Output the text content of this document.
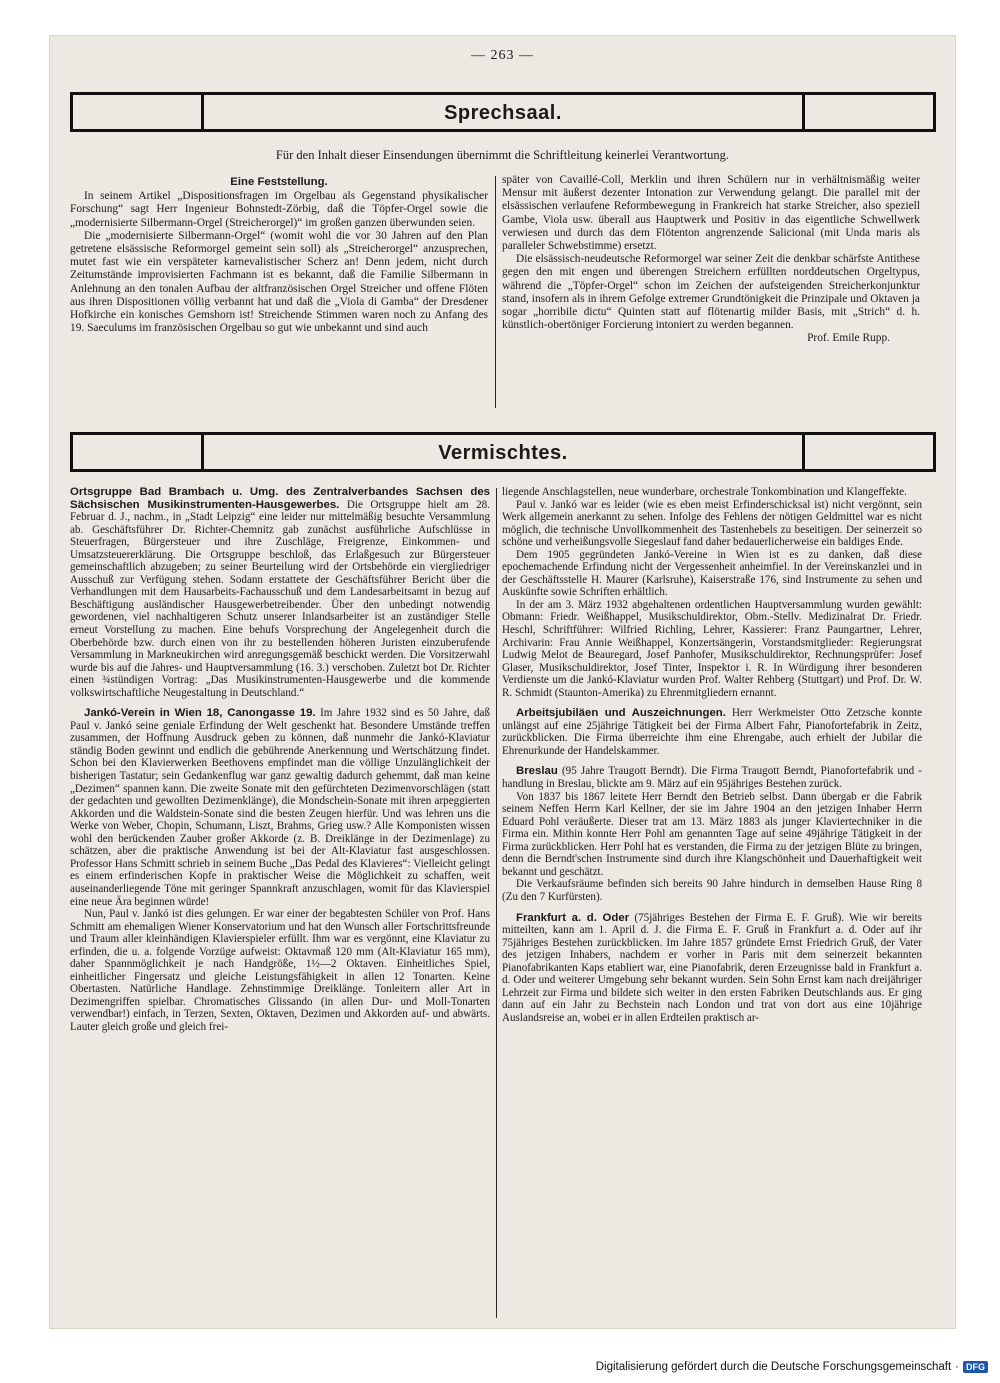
— 263 —
Sprechsaal.
Für den Inhalt dieser Einsendungen übernimmt die Schriftleitung keinerlei Verantwortung.

Eine Feststellung.

In seinem Artikel „Dispositionsfragen im Orgelbau als Gegenstand physikalischer Forschung“ sagt Herr Ingenieur Bohnstedt-Zörbig, daß die Töpfer-Orgel sowie die „modernisierte Silbermann-Orgel (Streicherorgel)“ im großen ganzen überwunden seien.

Die „modernisierte Silbermann-Orgel“ (womit wohl die vor 30 Jahren auf den Plan getretene elsässische Reformorgel gemeint sein soll) als „Streicherorgel“ anzusprechen, mutet fast wie ein verspäteter karnevalistischer Scherz an! Denn jedem, nicht durch Zeitumstände improvisierten Fachmann ist es bekannt, daß die Familie Silbermann in Anlehnung an den tonalen Aufbau der altfranzösischen Orgel Streicher und offene Flöten aus ihren Dispositionen völlig verbannt hat und daß die „Viola di Gamba“ der Dresdener Hofkirche ein konisches Gemshorn ist! Streichende Stimmen waren noch zu Anfang des 19. Saeculums im französischen Orgelbau so gut wie unbekannt und sind auch

später von Cavaillé-Coll, Merklin und ihren Schülern nur in verhältnismäßig weiter Mensur mit äußerst dezenter Intonation zur Verwendung gelangt. Die parallel mit der elsässischen verlaufene Reformbewegung in Frankreich hat starke Streicher, also speziell Gambe, Viola usw. überall aus Hauptwerk und Positiv in das eigentliche Schwellwerk verwiesen und durch das dem Flötenton angrenzende Salicional (mit Unda maris als paralleler Schwebstimme) ersetzt.

Die elsässisch-neudeutsche Reformorgel war seiner Zeit die denkbar schärfste Antithese gegen den mit engen und überengen Streichern erfüllten norddeutschen Orgeltypus, während die „Töpfer-Orgel“ schon im Zeichen der aufsteigenden Streicherkonjunktur stand, insofern als in ihrem Gefolge extremer Grundtönigkeit die Prinzipale und Oktaven ja sogar „horribile dictu“ Quinten statt auf flötenartig milder Basis, mit „Strich“ d. h. künstlich-obertöniger Forcierung intoniert zu werden begannen.

Prof. Emile Rupp.

Vermischtes.

Ortsgruppe Bad Brambach u. Umg. des Zentralverbandes Sachsen des Sächsischen Musikinstrumenten-Hausgewerbes. Die Ortsgruppe hielt am 28. Februar d. J., nachm., in „Stadt Leipzig“ eine leider nur mittelmäßig besuchte Versammlung ab. Geschäftsführer Dr. Richter-Chemnitz gab zunächst ausführliche Aufschlüsse in Steuerfragen, Bürgersteuer und ihre Zuschläge, Freigrenze, Einkommen- und Umsatzsteuererklärung. Die Ortsgruppe beschloß, das Erlaßgesuch zur Bürgersteuer gemeinschaftlich abzugeben; zu seiner Beurteilung wird der Ortsbehörde ein viergliedriger Ausschuß zur Verfügung stehen. Sodann erstattete der Geschäftsführer Bericht über die Verhandlungen mit dem Hausarbeits-Fachausschuß und dem Landesarbeitsamt in bezug auf Beschäftigung ausländischer Hausgewerbetreibender. Über den unbedingt notwendig gewordenen, viel nachhaltigeren Schutz unserer Inlandsarbeiter ist an zuständiger Stelle erneut Vorstellung zu machen. Eine behufs Vorsprechung der Angelegenheit durch die Oberbehörde bzw. durch einen von ihr zu bestellenden höheren Juristen einzuberufende Versammlung in Markneukirchen wird anregungsgemäß beschickt werden. Die Vorsitzerwahl wurde bis auf die Jahres- und Hauptversammlung (16. 3.) verschoben. Zuletzt bot Dr. Richter einen ¾stündigen Vortrag: „Das Musikinstrumenten-Hausgewerbe und die kommende volkswirtschaftliche Neugestaltung in Deutschland.“

Jankó-Verein in Wien 18, Canongasse 19. Im Jahre 1932 sind es 50 Jahre, daß Paul v. Jankó seine geniale Erfindung der Welt geschenkt hat. Besondere Umstände treffen zusammen, der Hoffnung Ausdruck geben zu können, daß nunmehr die Jankó-Klaviatur ständig Boden gewinnt und endlich die gebührende Anerkennung und Wertschätzung findet. Schon bei den Klavierwerken Beethovens empfindet man die völlige Unzulänglichkeit der bisherigen Tastatur; sein Gedankenflug war ganz gewaltig dadurch gehemmt, daß man keine „Dezimen“ spannen kann. Die zweite Sonate mit den gefürchteten Dezimenvorschlägen (statt der gedachten und gewollten Dezimenklänge), die Mondschein-Sonate mit ihren arpeggierten Akkorden und die Waldstein-Sonate sind die besten Zeugen hierfür. Und was lehren uns die Werke von Weber, Chopin, Schumann, Liszt, Brahms, Grieg usw.? Alle Komponisten wissen wohl den berückenden Zauber großer Akkorde (z. B. Dreiklänge in der Dezimenlage) zu schätzen, aber die praktische Anwendung ist bei der Alt-Klaviatur fast ausgeschlossen. Professor Hans Schmitt schrieb in seinem Buche „Das Pedal des Klavieres“: Vielleicht gelingt es einem erfinderischen Kopfe in praktischer Weise die Möglichkeit zu schaffen, weit auseinanderliegende Töne mit geringer Spannkraft anzuschlagen, womit für das Klavierspiel eine neue Ära beginnen würde!

Nun, Paul v. Jankó ist dies gelungen. Er war einer der begabtesten Schüler von Prof. Hans Schmitt am ehemaligen Wiener Konservatorium und hat den Wunsch aller Fortschrittsfreunde und Traum aller kleinhändigen Klavierspieler erfüllt. Ihm war es vergönnt, eine Klaviatur zu erfinden, die u. a. folgende Vorzüge aufweist: Oktavmaß 120 mm (Alt-Klaviatur 165 mm), daher Spannmöglichkeit je nach Handgröße, 1½—2 Oktaven. Einheitliches Spiel, einheitlicher Fingersatz und gleiche Leistungsfähigkeit in allen 12 Tonarten. Keine Obertasten. Natürliche Handlage. Zehnstimmige Dreiklänge. Tonleitern aller Art in Dezimengriffen spielbar. Chromatisches Glissando (in allen Dur- und Moll-Tonarten verwendbar!) einfach, in Terzen, Sexten, Oktaven, Dezimen und Akkorden auf- und abwärts. Lauter gleich große und gleich frei-

liegende Anschlagstellen, neue wunderbare, orchestrale Tonkombination und Klangeffekte.

Paul v. Jankó war es leider (wie es eben meist Erfinderschicksal ist) nicht vergönnt, sein Werk allgemein anerkannt zu sehen. Infolge des Fehlens der nötigen Geldmittel war es nicht möglich, die technische Unvollkommenheit des Tastenhebels zu beseitigen. Der seinerzeit so schöne und verheißungsvolle Siegeslauf fand daher bedauerlicherweise ein baldiges Ende.

Dem 1905 gegründeten Jankó-Vereine in Wien ist es zu danken, daß diese epochemachende Erfindung nicht der Vergessenheit anheimfiel. In der Vereinskanzlei und in der Geschäftsstelle H. Maurer (Karlsruhe), Kaiserstraße 176, sind Instrumente zu sehen und Auskünfte sowie Schriften erhältlich.

In der am 3. März 1932 abgehaltenen ordentlichen Hauptversammlung wurden gewählt: Obmann: Friedr. Weißhappel, Musikschuldirektor, Obm.-Stellv. Medizinalrat Dr. Friedr. Heschl, Schriftführer: Wilfried Richling, Lehrer, Kassierer: Franz Paungartner, Lehrer, Archivarin: Frau Annie Weißhappel, Konzertsängerin, Vorstandsmitglieder: Regierungsrat Ludwig Melot de Beauregard, Josef Panhofer, Musikschuldirektor, Rechnungsprüfer: Josef Glaser, Musikschuldirektor, Josef Tinter, Inspektor i. R. In Würdigung ihrer besonderen Verdienste um die Jankó-Klaviatur wurden Prof. Walter Rehberg (Stuttgart) und Prof. Dr. W. R. Schmidt (Staunton-Amerika) zu Ehrenmitgliedern ernannt.

Arbeitsjubiläen und Auszeichnungen. Herr Werkmeister Otto Zetzsche konnte unlängst auf eine 25jährige Tätigkeit bei der Firma Albert Fahr, Pianofortefabrik in Zeitz, zurückblicken. Die Firma überreichte ihm eine Ehrengabe, auch erhielt der Jubilar die Ehrenurkunde der Handelskammer.

Breslau (95 Jahre Traugott Berndt). Die Firma Traugott Berndt, Pianofortefabrik und -handlung in Breslau, blickte am 9. März auf ein 95jähriges Bestehen zurück.

Von 1837 bis 1867 leitete Herr Berndt den Betrieb selbst. Dann übergab er die Fabrik seinem Neffen Herrn Karl Kellner, der sie im Jahre 1904 an den jetzigen Inhaber Herrn Eduard Pohl veräußerte. Dieser trat am 13. März 1883 als junger Klaviertechniker in die Firma ein. Mithin konnte Herr Pohl am genannten Tage auf seine 49jährige Tätigkeit in der Firma zurückblicken. Herr Pohl hat es verstanden, die Firma zu der jetzigen Blüte zu bringen, denn die Berndt'schen Instrumente sind durch ihre Klangschönheit und Dauerhaftigkeit weit bekannt und geschätzt.

Die Verkaufsräume befinden sich bereits 90 Jahre hindurch in demselben Hause Ring 8 (Zu den 7 Kurfürsten).

Frankfurt a. d. Oder (75jähriges Bestehen der Firma E. F. Gruß). Wie wir bereits mitteilten, kann am 1. April d. J. die Firma E. F. Gruß in Frankfurt a. d. Oder auf ihr 75jähriges Bestehen zurückblicken. Im Jahre 1857 gründete Ernst Friedrich Gruß, der Vater des jetzigen Inhabers, nachdem er vorher in Paris mit dem seinerzeit bekannten Pianofabrikanten Kaps etabliert war, eine Pianofabrik, deren Erzeugnisse bald in Frankfurt a. d. Oder und weiterer Umgebung sehr bekannt wurden. Sein Sohn Ernst kam nach dreijähriger Lehrzeit zur Firma und bildete sich weiter in den ersten Fabriken Deutschlands aus. Er ging dann auf ein Jahr zu Bechstein nach London und trat von dort aus eine 10jährige Auslandsreise an, wobei er in allen Erdteilen praktisch ar-

Digitalisierung gefördert durch die Deutsche Forschungsgemeinschaft · DFG
